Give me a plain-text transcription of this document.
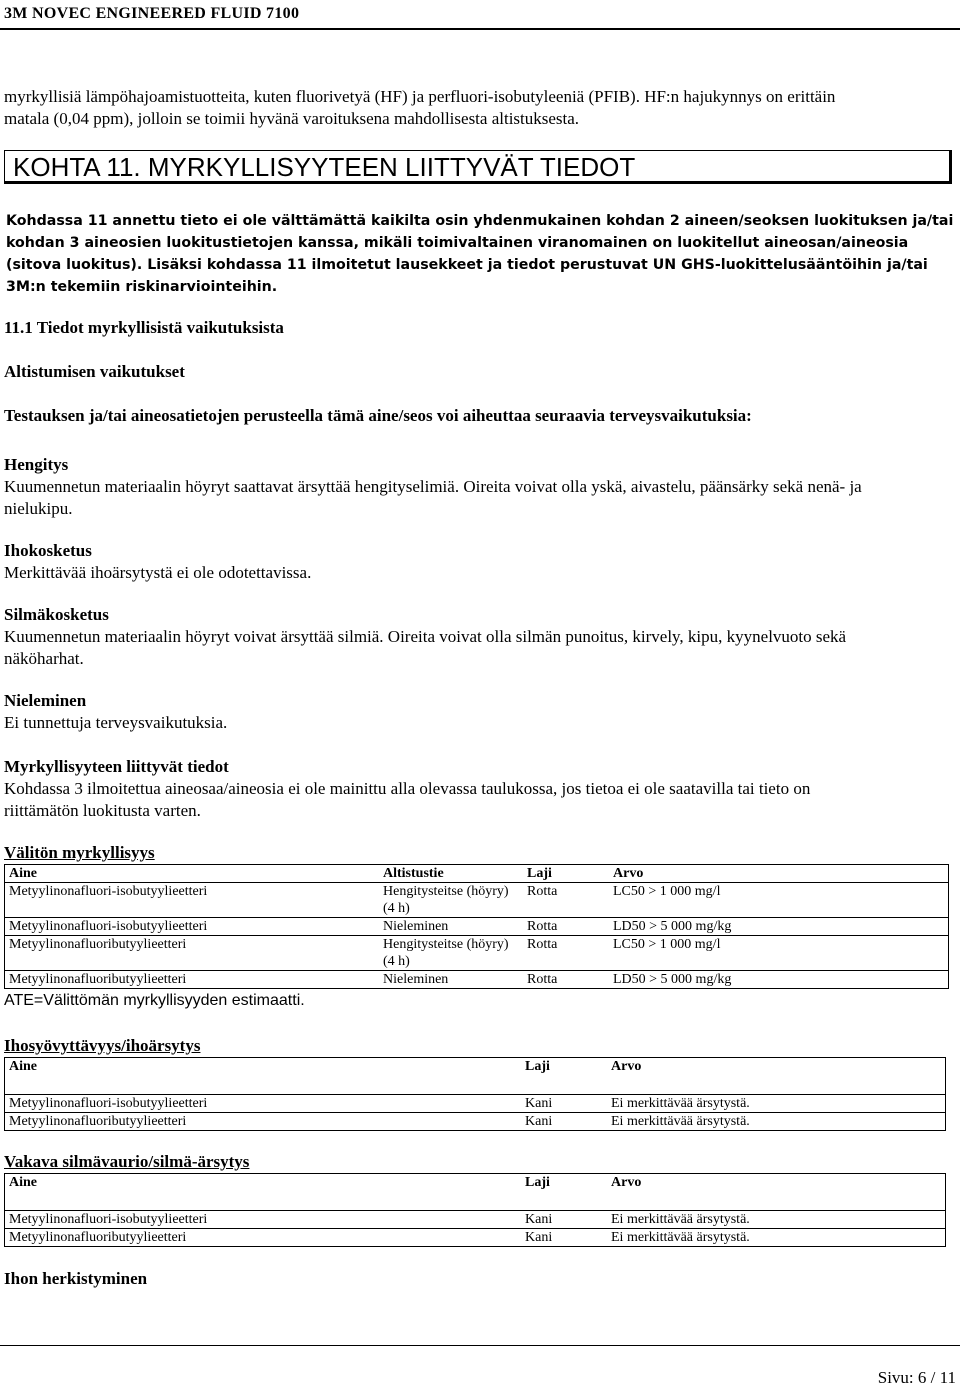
3M NOVEC ENGINEERED FLUID 7100
myrkyllisiä lämpöhajoamistuotteita, kuten fluorivetyä (HF) ja perfluori-isobutyleeniä (PFIB). HF:n hajukynnys on erittäin
matala (0,04 ppm), jolloin se toimii hyvänä varoituksena mahdollisesta altistuksesta.
KOHTA 11. MYRKYLLISYYTEEN LIITTYVÄT TIEDOT
Kohdassa 11 annettu tieto ei ole välttämättä kaikilta osin yhdenmukainen kohdan 2 aineen/seoksen luokituksen ja/tai
kohdan 3 aineosien luokitustietojen kanssa, mikäli toimivaltainen viranomainen on luokitellut aineosan/aineosia
(sitova luokitus). Lisäksi kohdassa 11 ilmoitetut lausekkeet ja tiedot perustuvat UN GHS-luokittelusääntöihin ja/tai
3M:n tekemiin riskinarviointeihin.
11.1 Tiedot myrkyllisistä vaikutuksista
Altistumisen vaikutukset
Testauksen ja/tai aineosatietojen perusteella tämä aine/seos voi aiheuttaa seuraavia terveysvaikutuksia:
Hengitys
Kuumennetun materiaalin höyryt saattavat ärsyttää hengityselimiä. Oireita voivat olla yskä, aivastelu, päänsärky sekä nenä- ja
nielukipu.
Ihokosketus
Merkittävää ihoärsytystä ei ole odotettavissa.
Silmäkosketus
Kuumennetun materiaalin höyryt voivat ärsyttää silmiä. Oireita voivat olla silmän punoitus, kirvely, kipu, kyynelvuoto sekä
näköharhat.
Nieleminen
Ei tunnettuja terveysvaikutuksia.
Myrkyllisyyteen liittyvät tiedot
Kohdassa 3 ilmoitettua aineosaa/aineosia ei ole mainittu alla olevassa taulukossa, jos tietoa ei ole saatavilla tai tieto on
riittämätön luokitusta varten.
Välitön myrkyllisyys
Aine	Altistustie	Laji	Arvo
Metyylinonafluori-isobutyylieetteri	Hengitysteitse (höyry) (4 h)	Rotta	LC50 > 1 000 mg/l
Metyylinonafluori-isobutyylieetteri	Nieleminen	Rotta	LD50 > 5 000 mg/kg
Metyylinonafluoributyylieetteri	Hengitysteitse (höyry) (4 h)	Rotta	LC50 > 1 000 mg/l
Metyylinonafluoributyylieetteri	Nieleminen	Rotta	LD50 > 5 000 mg/kg
ATE=Välittömän myrkyllisyyden estimaatti.
Ihosyövyttävyys/ihoärsytys
Aine	Laji	Arvo
Metyylinonafluori-isobutyylieetteri	Kani	Ei merkittävää ärsytystä.
Metyylinonafluoributyylieetteri	Kani	Ei merkittävää ärsytystä.
Vakava silmävaurio/silmä-ärsytys
Aine	Laji	Arvo
Metyylinonafluori-isobutyylieetteri	Kani	Ei merkittävää ärsytystä.
Metyylinonafluoributyylieetteri	Kani	Ei merkittävää ärsytystä.
Ihon herkistyminen
Sivu: 6 / 11
